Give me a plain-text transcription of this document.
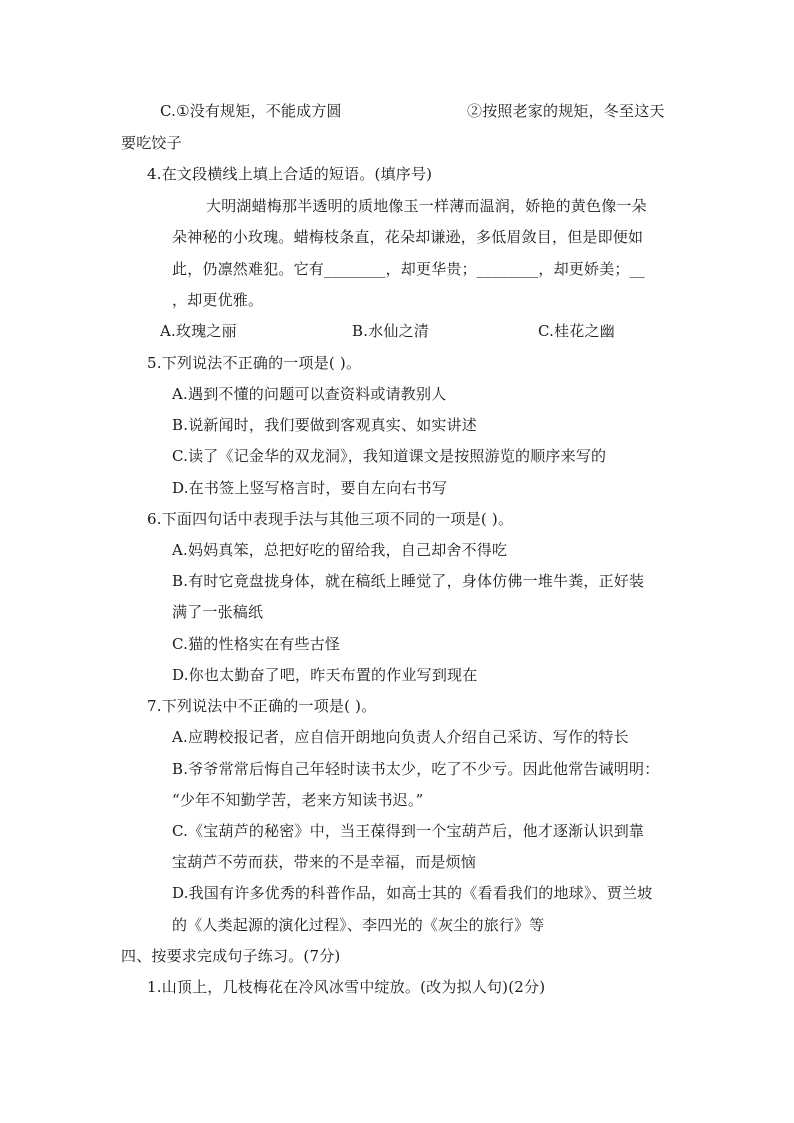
C.①没有规矩，不能成方圆	②按照老家的规矩，冬至这天
要吃饺子
4.在文段横线上填上合适的短语。(填序号)
大明湖蜡梅那半透明的质地像玉一样薄而温润，娇艳的黄色像一朵
朵神秘的小玫瑰。蜡梅枝条直，花朵却谦逊，多低眉敛目，但是即便如
此，仍凛然难犯。它有________，却更华贵；________，却更娇美；__
，却更优雅。
A.玫瑰之丽	B.水仙之清	C.桂花之幽
5.下列说法不正确的一项是( )。
A.遇到不懂的问题可以查资料或请教别人
B.说新闻时，我们要做到客观真实、如实讲述
C.读了《记金华的双龙洞》，我知道课文是按照游览的顺序来写的
D.在书签上竖写格言时，要自左向右书写
6.下面四句话中表现手法与其他三项不同的一项是( )。
A.妈妈真笨，总把好吃的留给我，自己却舍不得吃
B.有时它竟盘拢身体，就在稿纸上睡觉了，身体仿佛一堆牛粪，正好装
满了一张稿纸
C.猫的性格实在有些古怪
D.你也太勤奋了吧，昨天布置的作业写到现在
7.下列说法中不正确的一项是( )。
A.应聘校报记者，应自信开朗地向负责人介绍自己采访、写作的特长
B.爷爷常常后悔自己年轻时读书太少，吃了不少亏。因此他常告诫明明：
“少年不知勤学苦，老来方知读书迟。”
C.《宝葫芦的秘密》中，当王葆得到一个宝葫芦后，他才逐渐认识到靠
宝葫芦不劳而获，带来的不是幸福，而是烦恼
D.我国有许多优秀的科普作品，如高士其的《看看我们的地球》、贾兰坡
的《人类起源的演化过程》、李四光的《灰尘的旅行》等
四、按要求完成句子练习。(7分)
1.山顶上，几枝梅花在冷风冰雪中绽放。(改为拟人句)(2分)
